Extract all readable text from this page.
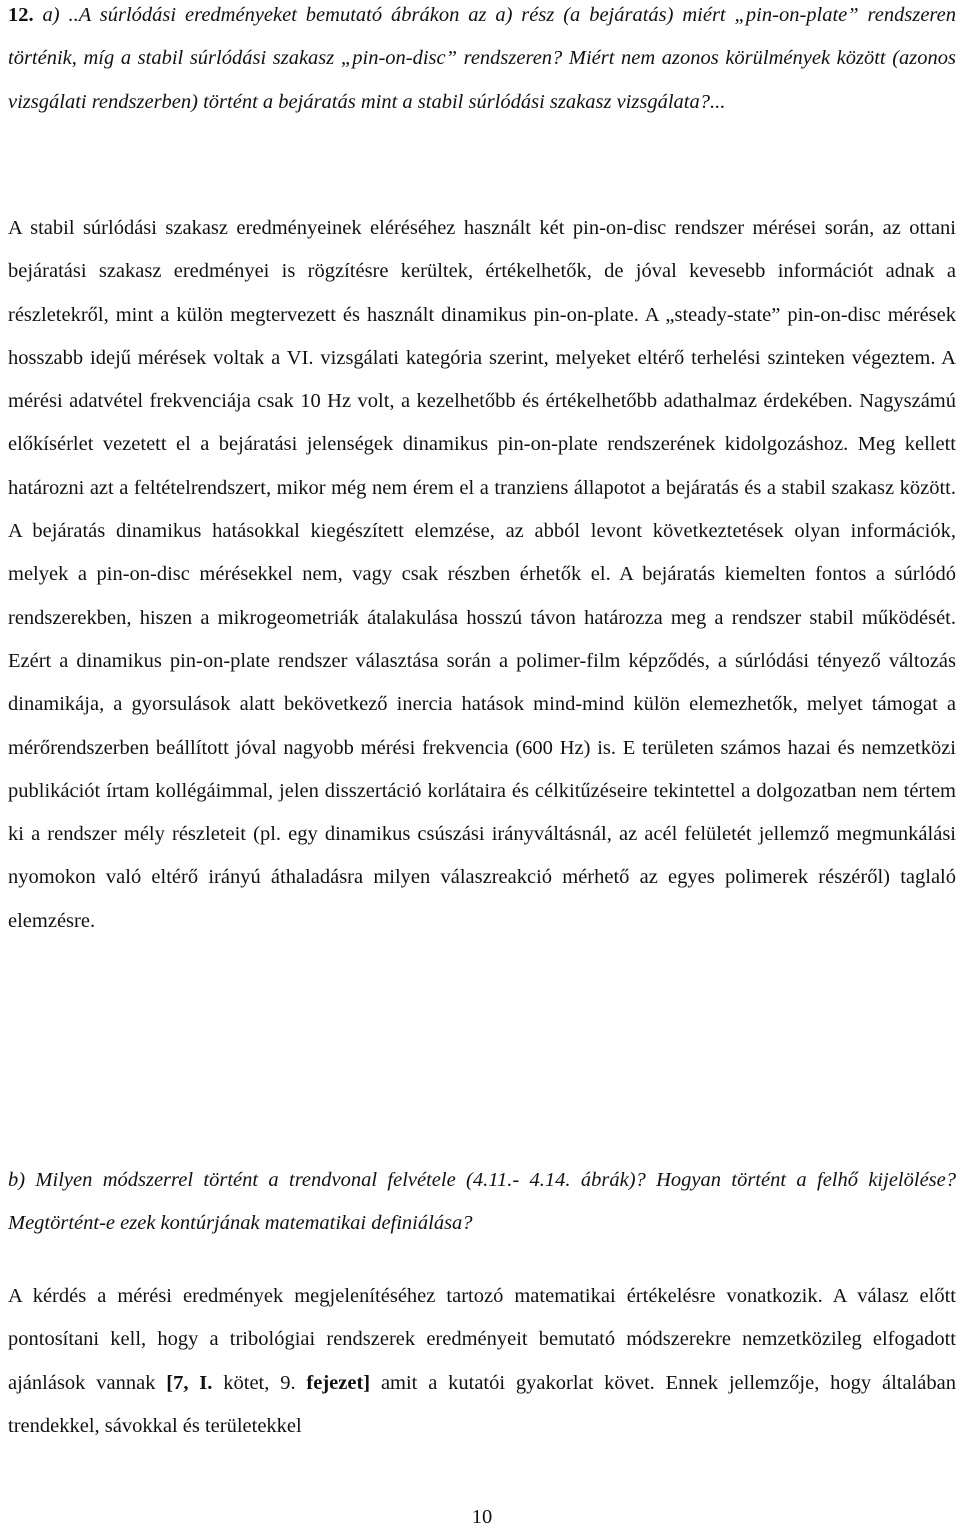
12. a) ..A súrlódási eredményeket bemutató ábrákon az a) rész (a bejáratás) miért „pin-on-plate” rendszeren történik, míg a stabil súrlódási szakasz „pin-on-disc” rendszeren? Miért nem azonos körülmények között (azonos vizsgálati rendszerben) történt a bejáratás mint a stabil súrlódási szakasz vizsgálata?...

A stabil súrlódási szakasz eredményeinek eléréséhez használt két pin-on-disc rendszer mérései során, az ottani bejáratási szakasz eredményei is rögzítésre kerültek, értékelhetők, de jóval kevesebb információt adnak a részletekről, mint a külön megtervezett és használt dinamikus pin-on-plate. A „steady-state” pin-on-disc mérések hosszabb idejű mérések voltak a VI. vizsgálati kategória szerint, melyeket eltérő terhelési szinteken végeztem. A mérési adatvétel frekvenciája csak 10 Hz volt, a kezelhetőbb és értékelhetőbb adathalmaz érdekében. Nagyszámú előkísérlet vezetett el a bejáratási jelenségek dinamikus pin-on-plate rendszerének kidolgozáshoz. Meg kellett határozni azt a feltételrendszert, mikor még nem érem el a tranziens állapotot a bejáratás és a stabil szakasz között. A bejáratás dinamikus hatásokkal kiegészített elemzése, az abból levont következtetések olyan információk, melyek a pin-on-disc mérésekkel nem, vagy csak részben érhetők el. A bejáratás kiemelten fontos a súrlódó rendszerekben, hiszen a mikrogeometriák átalakulása hosszú távon határozza meg a rendszer stabil működését. Ezért a dinamikus pin-on-plate rendszer választása során a polimer-film képződés, a súrlódási tényező változás dinamikája, a gyorsulások alatt bekövetkező inercia hatások mind-mind külön elemezhetők, melyet támogat a mérőrendszerben beállított jóval nagyobb mérési frekvencia (600 Hz) is. E területen számos hazai és nemzetközi publikációt írtam kollégáimmal, jelen disszertáció korlátaira és célkitűzéseire tekintettel a dolgozatban nem tértem ki a rendszer mély részleteit (pl. egy dinamikus csúszási irányváltásnál, az acél felületét jellemző megmunkálási nyomokon való eltérő irányú áthaladásra milyen válaszreakció mérhető az egyes polimerek részéről) taglaló elemzésre.

b) Milyen módszerrel történt a trendvonal felvétele (4.11.- 4.14. ábrák)? Hogyan történt a felhő kijelölése? Megtörtént-e ezek kontúrjának matematikai definiálása?

A kérdés a mérési eredmények megjelenítéséhez tartozó matematikai értékelésre vonatkozik. A válasz előtt pontosítani kell, hogy a tribológiai rendszerek eredményeit bemutató módszerekre nemzetközileg elfogadott ajánlások vannak [7, I. kötet, 9. fejezet] amit a kutatói gyakorlat követ. Ennek jellemzője, hogy általában trendekkel, sávokkal és területekkel

10
